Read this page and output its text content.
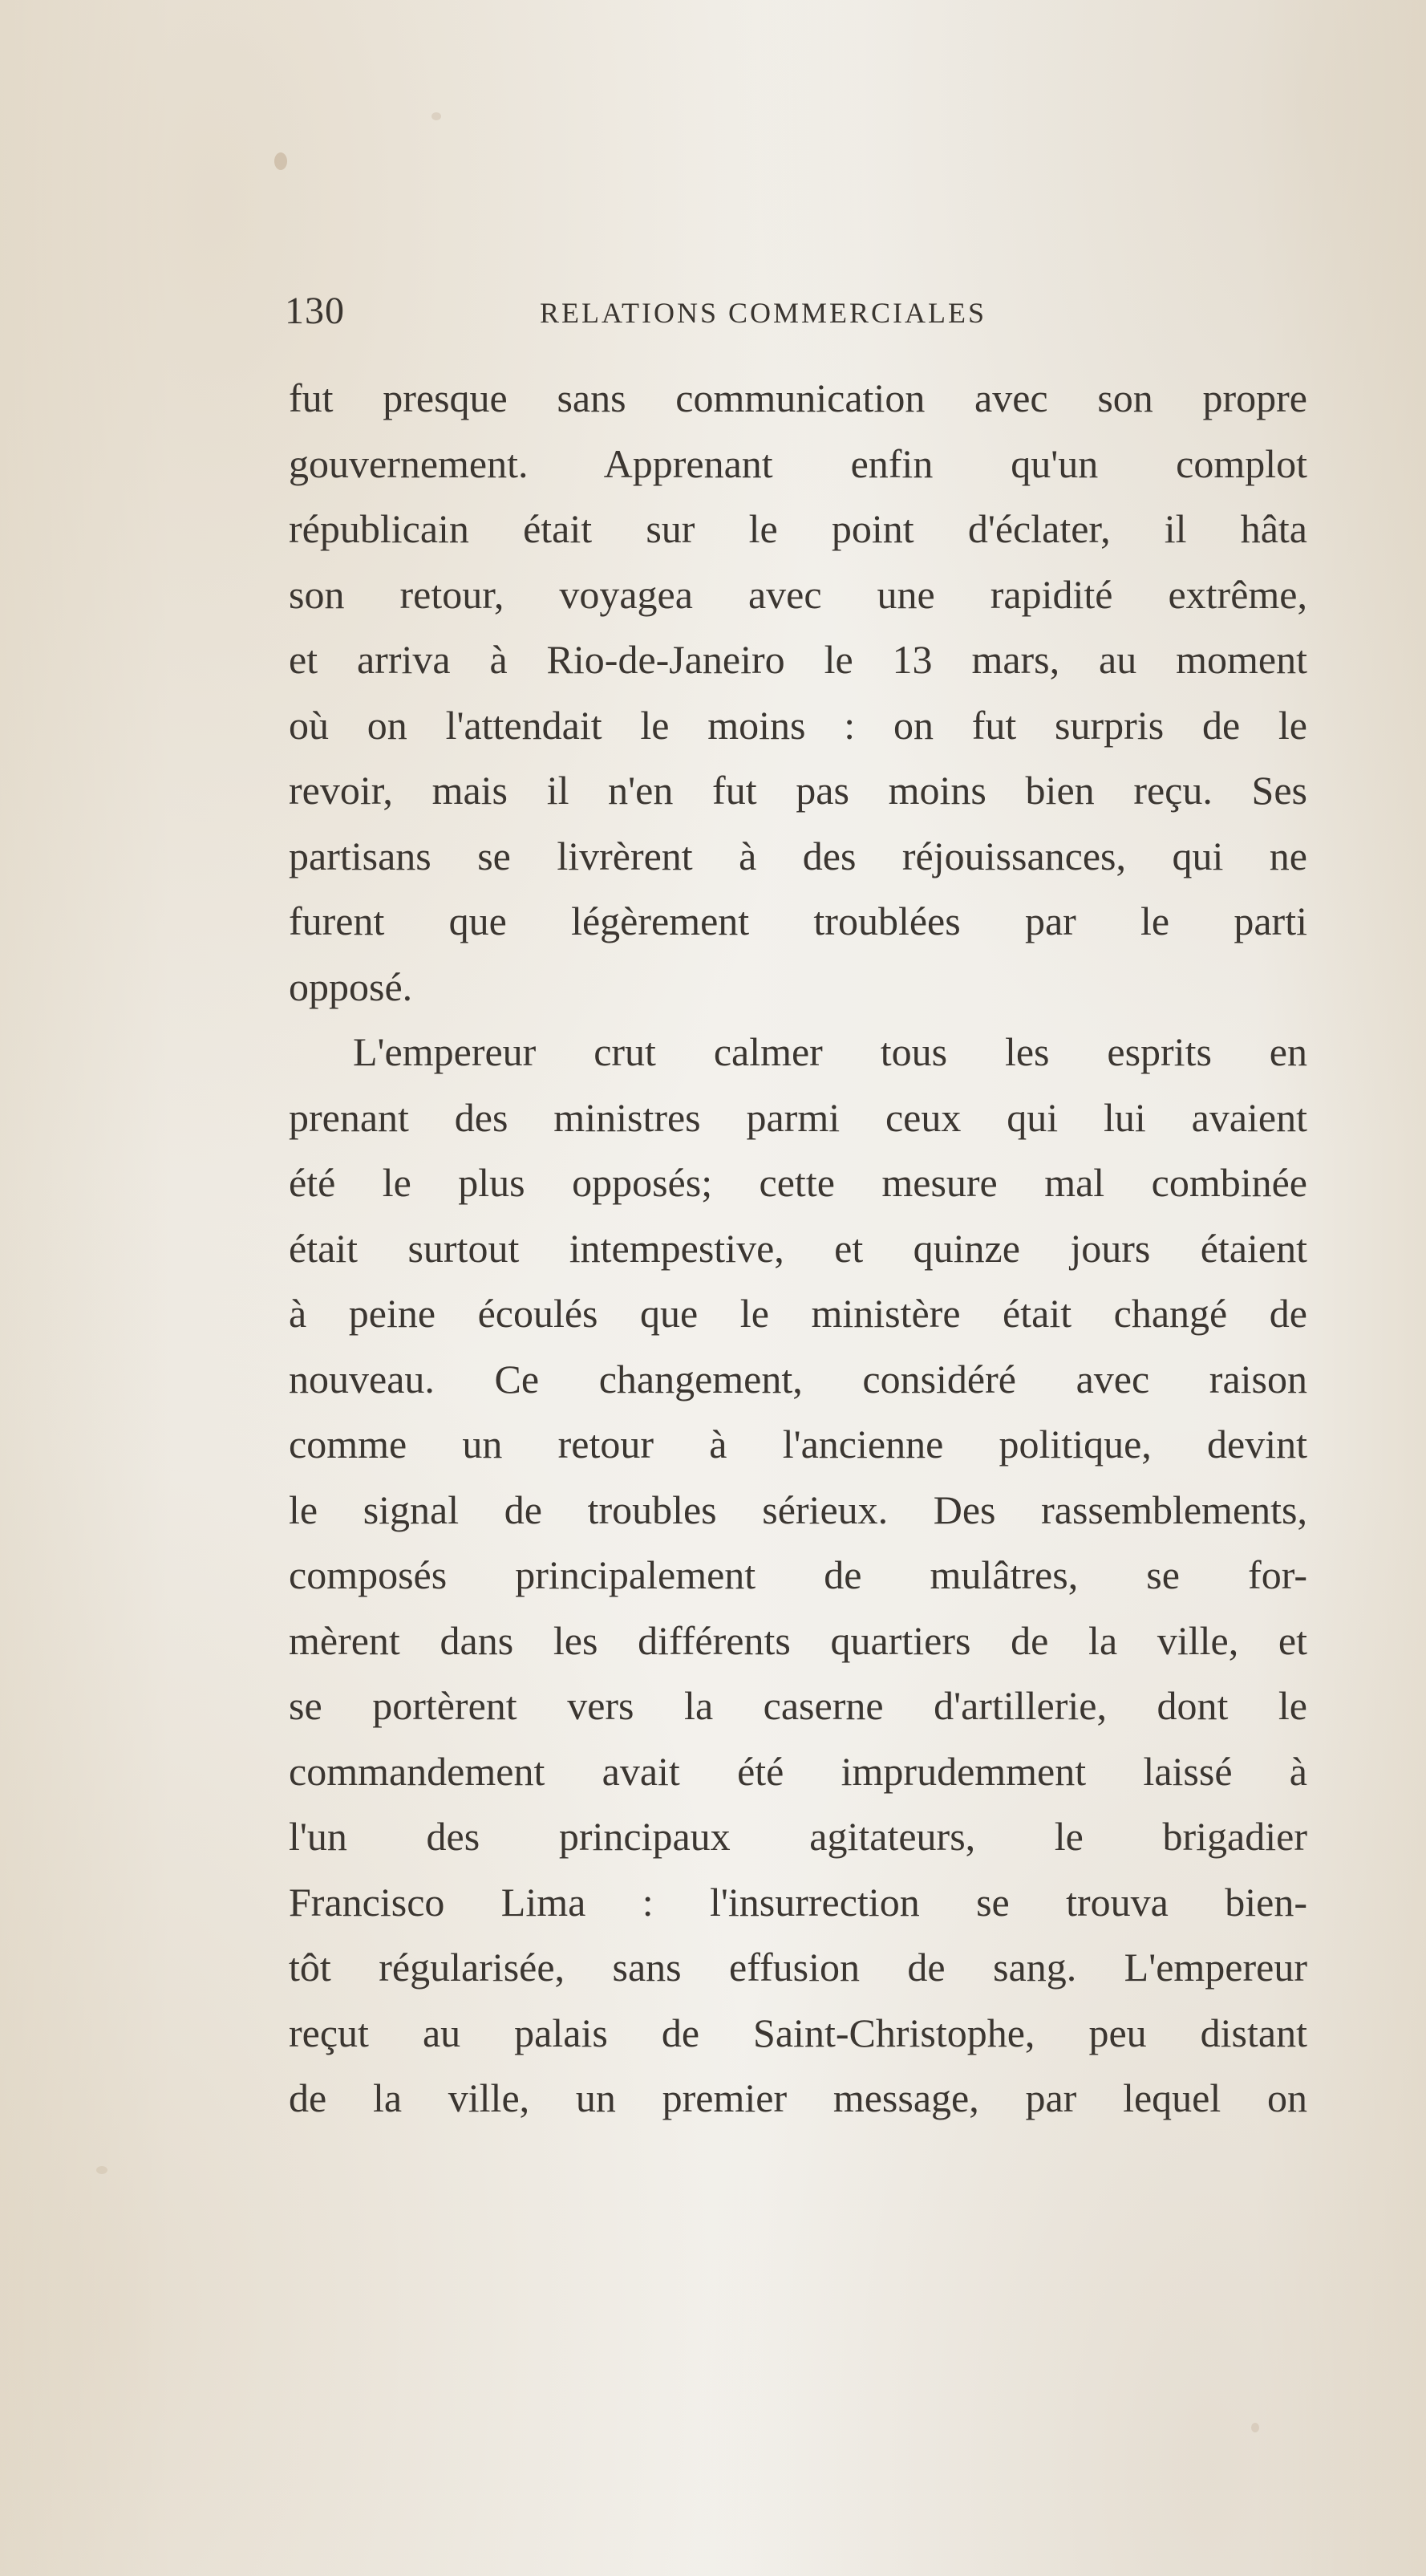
130	RELATIONS COMMERCIALES
fut presque sans communication avec son propre
gouvernement. Apprenant enfin qu'un complot
républicain était sur le point d'éclater, il hâta
son retour, voyagea avec une rapidité extrême,
et arriva à Rio-de-Janeiro le 13 mars, au moment
où on l'attendait le moins : on fut surpris de le
revoir, mais il n'en fut pas moins bien reçu. Ses
partisans se livrèrent à des réjouissances, qui ne
furent que légèrement troublées par le parti
opposé.
L'empereur crut calmer tous les esprits en
prenant des ministres parmi ceux qui lui avaient
été le plus opposés; cette mesure mal combinée
était surtout intempestive, et quinze jours étaient
à peine écoulés que le ministère était changé de
nouveau. Ce changement, considéré avec raison
comme un retour à l'ancienne politique, devint
le signal de troubles sérieux. Des rassemblements,
composés principalement de mulâtres, se for-
mèrent dans les différents quartiers de la ville, et
se portèrent vers la caserne d'artillerie, dont le
commandement avait été imprudemment laissé à
l'un des principaux agitateurs, le brigadier
Francisco Lima : l'insurrection se trouva bien-
tôt régularisée, sans effusion de sang. L'empereur
reçut au palais de Saint-Christophe, peu distant
de la ville, un premier message, par lequel on
